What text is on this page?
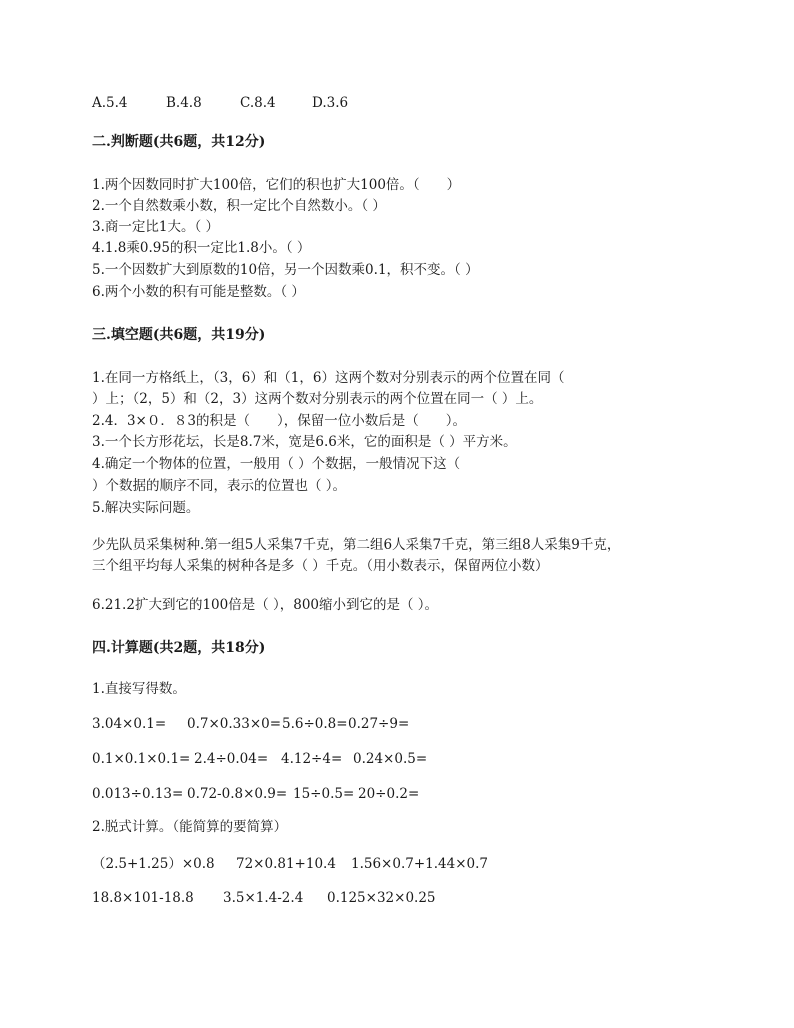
A.5.4	B.4.8	C.8.4	D.3.6
二.判断题(共6题，共12分)
1.两个因数同时扩大100倍，它们的积也扩大100倍。（　　）
2.一个自然数乘小数，积一定比个自然数小。（ ）
3.商一定比1大。（ ）
4.1.8乘0.95的积一定比1.8小。（ ）
5.一个因数扩大到原数的10倍，另一个因数乘0.1，积不变。（ ）
6.两个小数的积有可能是整数。（ ）
三.填空题(共6题，共19分)
1.在同一方格纸上，（3，6）和（1，6）这两个数对分别表示的两个位置在同（
）上；（2，5）和（2，3）这两个数对分别表示的两个位置在同一（ ）上。
2.4．3×０．８3的积是（　　），保留一位小数后是（　　）。
3.一个长方形花坛，长是8.7米，宽是6.6米，它的面积是（ ）平方米。
4.确定一个物体的位置，一般用（ ）个数据，一般情况下这（
）个数据的顺序不同，表示的位置也（ ）。
5.解决实际问题。
少先队员采集树种.第一组5人采集7千克，第二组6人采集7千克，第三组8人采集9千克，
三个组平均每人采集的树种各是多（ ）千克。（用小数表示，保留两位小数）
6.21.2扩大到它的100倍是（ ），800缩小到它的是（ ）。
四.计算题(共2题，共18分)
1.直接写得数。
3.04×0.1= 0.7×0.33×0= 5.6÷0.8= 0.27÷9=
0.1×0.1×0.1= 2.4÷0.04= 4.12÷4= 0.24×0.5=
0.013÷0.13= 0.72-0.8×0.9= 15÷0.5= 20÷0.2=
2.脱式计算。（能简算的要简算）
（2.5+1.25）×0.8 72×0.81+10.4 1.56×0.7+1.44×0.7
18.8×101-18.8 3.5×1.4-2.4 0.125×32×0.25
